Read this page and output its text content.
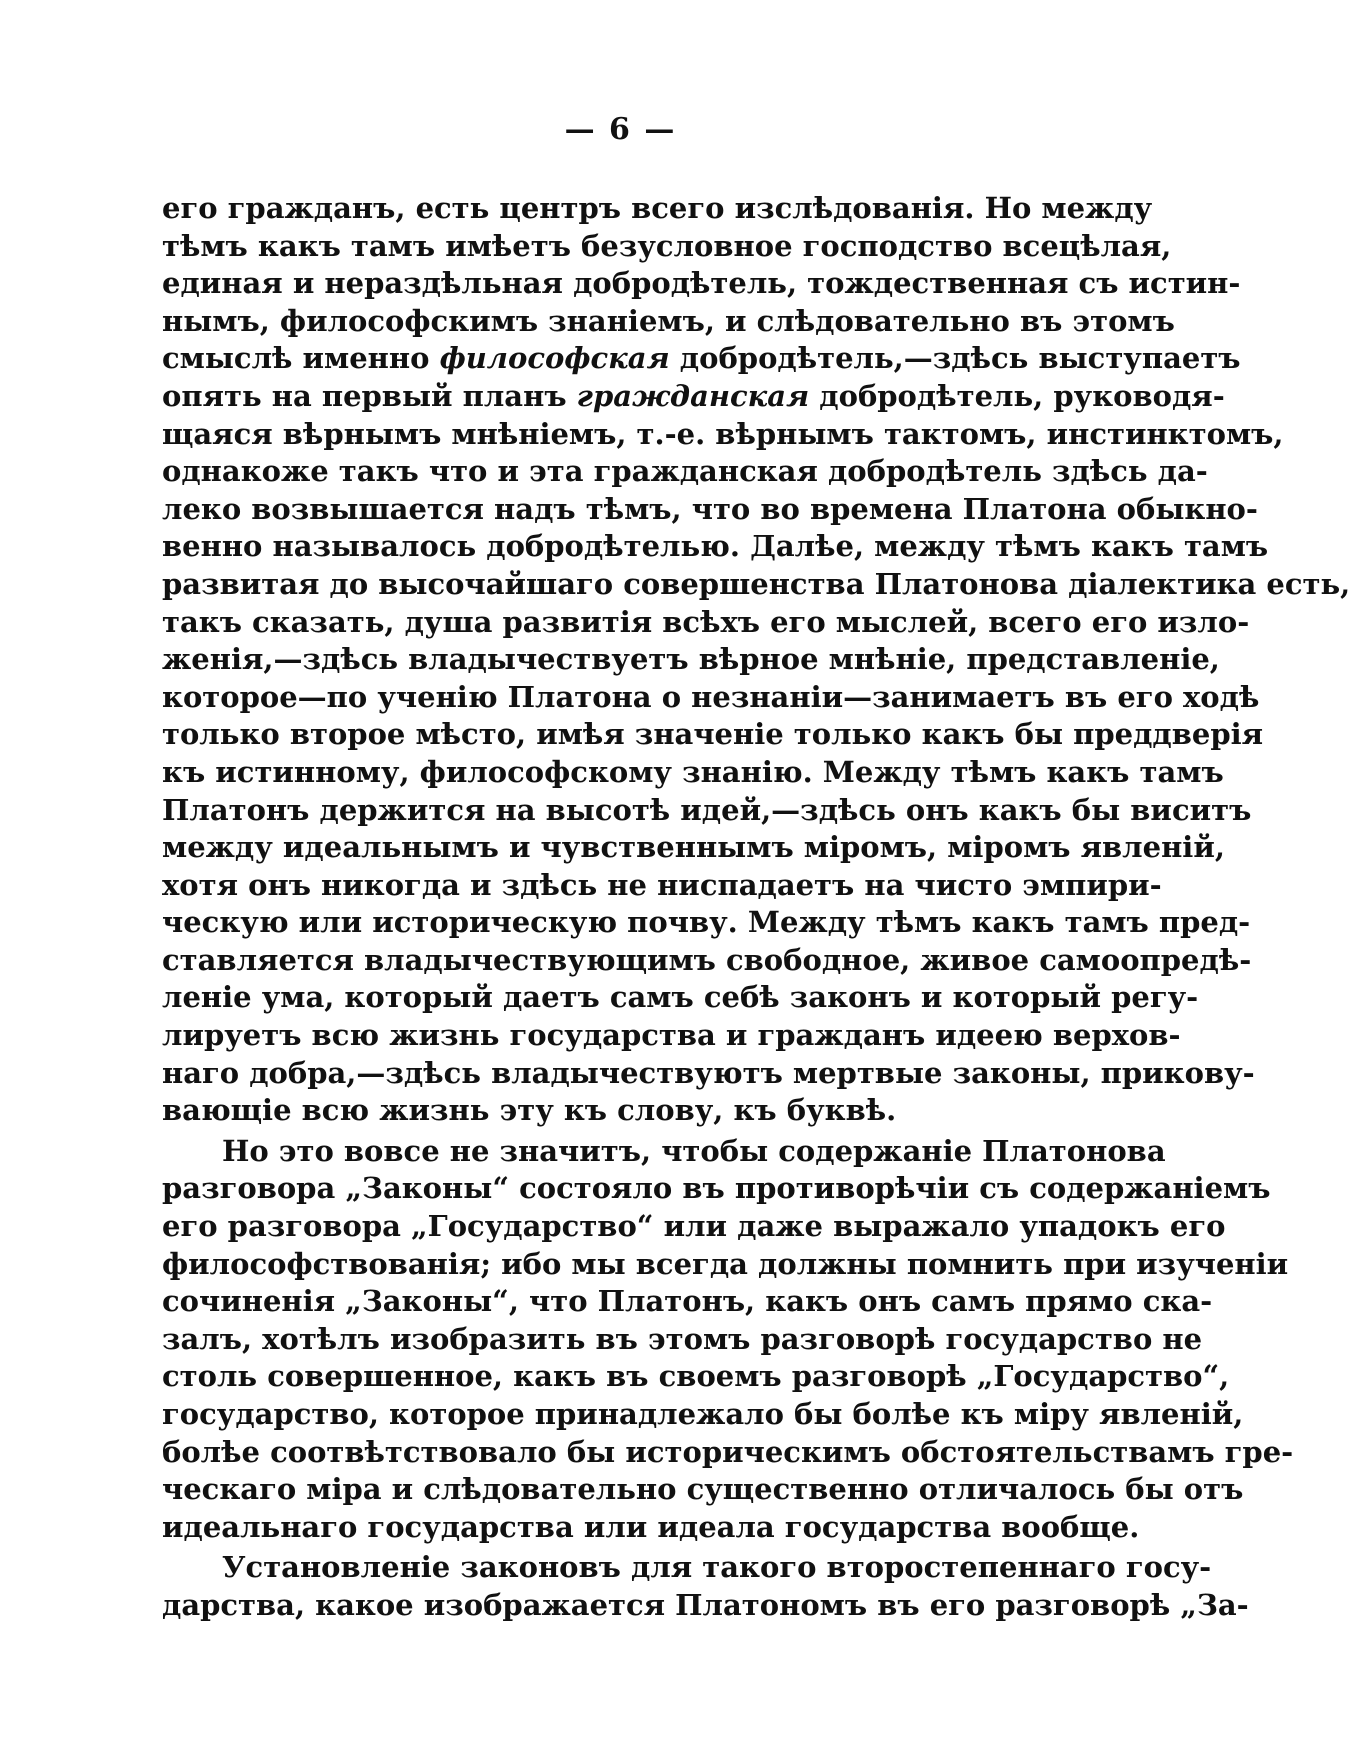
— 6 —
его гражданъ, есть центръ всего изслѣдованія. Но между
тѣмъ какъ тамъ имѣетъ безусловное господство всецѣлая,
единая и нераздѣльная добродѣтель, тождественная съ истин-
нымъ, философскимъ знаніемъ, и слѣдовательно въ этомъ
смыслѣ именно философская добродѣтель,—здѣсь выступаетъ
опять на первый планъ гражданская добродѣтель, руководя-
щаяся вѣрнымъ мнѣніемъ, т.-е. вѣрнымъ тактомъ, инстинктомъ,
однакоже такъ что и эта гражданская добродѣтель здѣсь да-
леко возвышается надъ тѣмъ, что во времена Платона обыкно-
венно называлось добродѣтелью. Далѣе, между тѣмъ какъ тамъ
развитая до высочайшаго совершенства Платонова діалектика есть,
такъ сказать, душа развитія всѣхъ его мыслей, всего его изло-
женія,—здѣсь владычествуетъ вѣрное мнѣніе, представленіе,
которое—по ученію Платона о незнаніи—занимаетъ въ его ходѣ
только второе мѣсто, имѣя значеніе только какъ бы преддверія
къ истинному, философскому знанію. Между тѣмъ какъ тамъ
Платонъ держится на высотѣ идей,—здѣсь онъ какъ бы виситъ
между идеальнымъ и чувственнымъ міромъ, міромъ явленій,
хотя онъ никогда и здѣсь не ниспадаетъ на чисто эмпири-
ческую или историческую почву. Между тѣмъ какъ тамъ пред-
ставляется владычествующимъ свободное, живое самоопредѣ-
леніе ума, который даетъ самъ себѣ законъ и который регу-
лируетъ всю жизнь государства и гражданъ идеею верхов-
наго добра,—здѣсь владычествуютъ мертвые законы, прикову-
вающіе всю жизнь эту къ слову, къ буквѣ.
Но это вовсе не значитъ, чтобы содержаніе Платонова
разговора „Законы“ состояло въ противорѣчіи съ содержаніемъ
его разговора „Государство“ или даже выражало упадокъ его
философствованія; ибо мы всегда должны помнить при изученіи
сочиненія „Законы“, что Платонъ, какъ онъ самъ прямо ска-
залъ, хотѣлъ изобразить въ этомъ разговорѣ государство не
столь совершенное, какъ въ своемъ разговорѣ „Государство“,
государство, которое принадлежало бы болѣе къ міру явленій,
болѣе соотвѣтствовало бы историческимъ обстоятельствамъ гре-
ческаго міра и слѣдовательно существенно отличалось бы отъ
идеальнаго государства или идеала государства вообще.
Установленіе законовъ для такого второстепеннаго госу-
дарства, какое изображается Платономъ въ его разговорѣ „За-
